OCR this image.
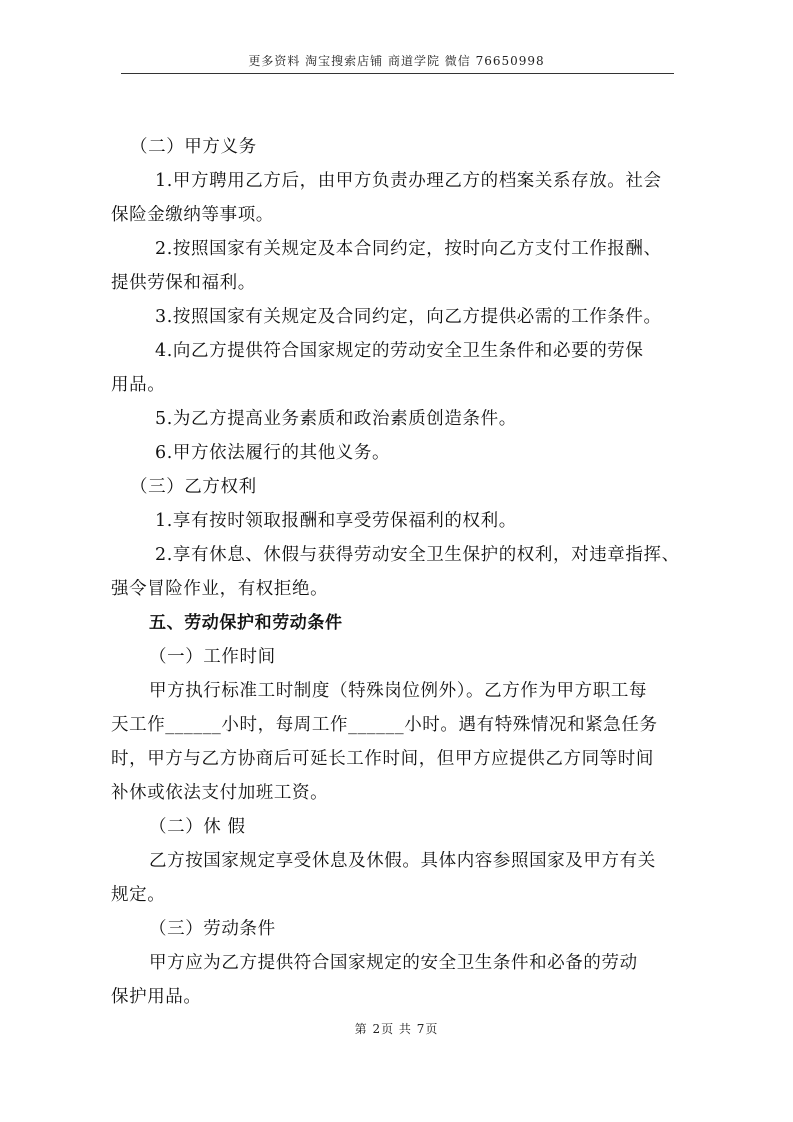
更多资料 淘宝搜索店铺 商道学院 微信 76650998

（二）甲方义务

1.甲方聘用乙方后，由甲方负责办理乙方的档案关系存放。社会

保险金缴纳等事项。

2.按照国家有关规定及本合同约定，按时向乙方支付工作报酬、

提供劳保和福利。

3.按照国家有关规定及合同约定，向乙方提供必需的工作条件。

4.向乙方提供符合国家规定的劳动安全卫生条件和必要的劳保

用品。

5.为乙方提高业务素质和政治素质创造条件。

6.甲方依法履行的其他义务。

（三）乙方权利

1.享有按时领取报酬和享受劳保福利的权利。

2.享有休息、休假与获得劳动安全卫生保护的权利，对违章指挥、

强令冒险作业，有权拒绝。

五、劳动保护和劳动条件

（一）工作时间

甲方执行标准工时制度（特殊岗位例外）。乙方作为甲方职工每

天工作______小时，每周工作______小时。遇有特殊情况和紧急任务

时，甲方与乙方协商后可延长工作时间，但甲方应提供乙方同等时间

补休或依法支付加班工资。

（二）休 假

乙方按国家规定享受休息及休假。具体内容参照国家及甲方有关

规定。

（三）劳动条件

甲方应为乙方提供符合国家规定的安全卫生条件和必备的劳动

保护用品。

第 2页 共 7页
